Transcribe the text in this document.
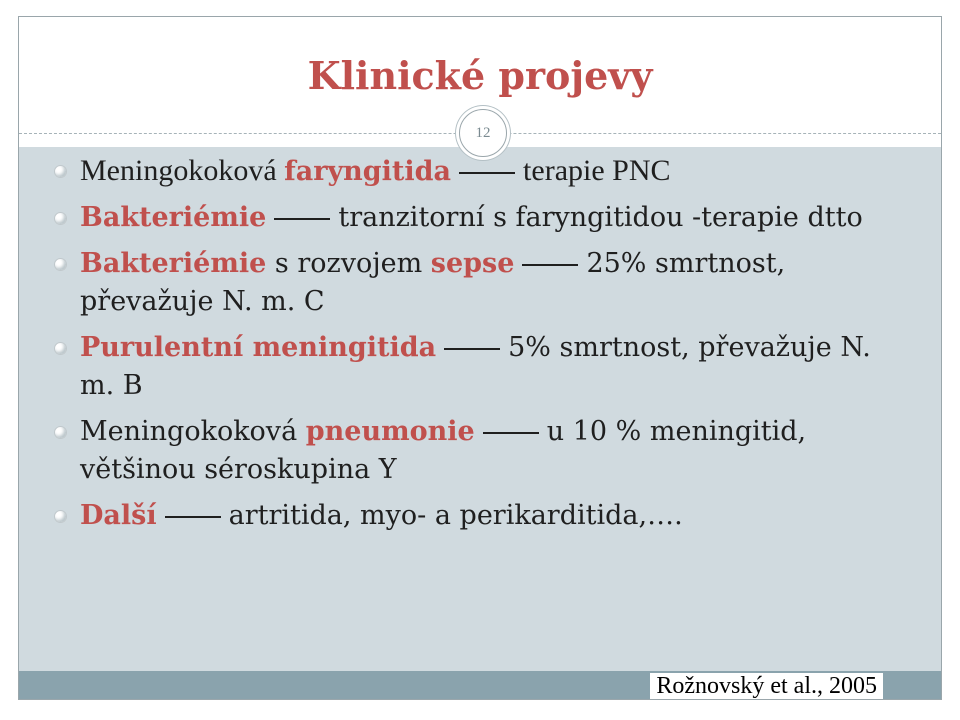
Klinické projevy
12
Rožnovský et al., 2005
Meningokoková faryngitida terapie PNC
Bakteriémie	tranzitorní s faryngitidou -terapie dtto
Bakteriémie s rozvojem sepse	25% smrtnost, převažuje N. m. C
Purulentní meningitida	5% smrtnost, převažuje N. m. B
Meningokoková pneumonie	u 10 % meningitid, většinou séroskupina Y
Další	artritida, myo- a perikarditida,….
